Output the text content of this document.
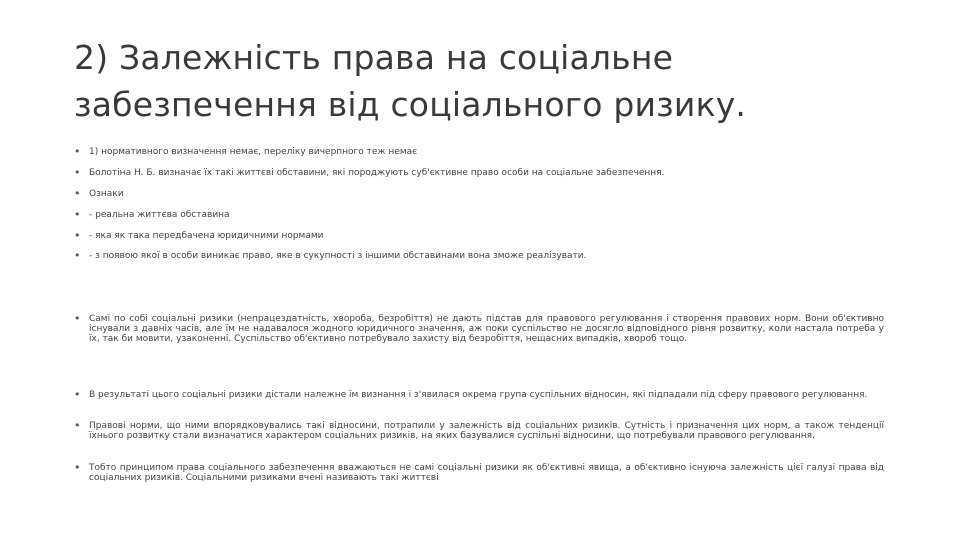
2) Залежність права на соціальне
забезпечення від соціального ризику.
• 1) нормативного визначення немає, переліку вичерпного теж немає
• Болотіна Н. Б. визначає їх такі життєві обставини, які породжують суб'єктивне право особи на соціальне забезпечення.
• Ознаки
• - реальна життєва обставина
• - яка як така передбачена юридичними нормами
• - з появою якої в особи виникає право, яке в сукупності з іншими обставинами вона зможе реалізувати.
• Самі по собі соціальні ризики (непрацездатність, хвороба, безробіття) не дають підстав для правового регулювання і створення правових норм. Вони об'єктивно існували з давніх часів, але їм не надавалося жодного юридичного значення, аж поки суспільство не досягло відповідного рівня розвитку, коли настала потреба у їх, так би мовити, узаконенні. Суспільство об'єктивно потребувало захисту від безробіття, нещасних випадків, хвороб тощо.
• В результаті цього соціальні ризики дістали належне їм визнання і з'явилася окрема група суспільних відносин, які підпадали під сферу правового регулювання.
• Правові норми, що ними впорядковувались такі відносини, потрапили у залежність від соціальних ризиків. Сутність і призначення цих норм, а також тенденції їхнього розвитку стали визначатися характером соціальних ризиків, на яких базувалися суспільні відносини, що потребували правового регулювання.
• Тобто принципом права соціального забезпечення вважаються не самі соціальні ризики як об'єктивні явища, а об'єктивно існуюча залежність цієї галузі права від соціальних ризиків. Соціальними ризиками вчені називають такі життєві
